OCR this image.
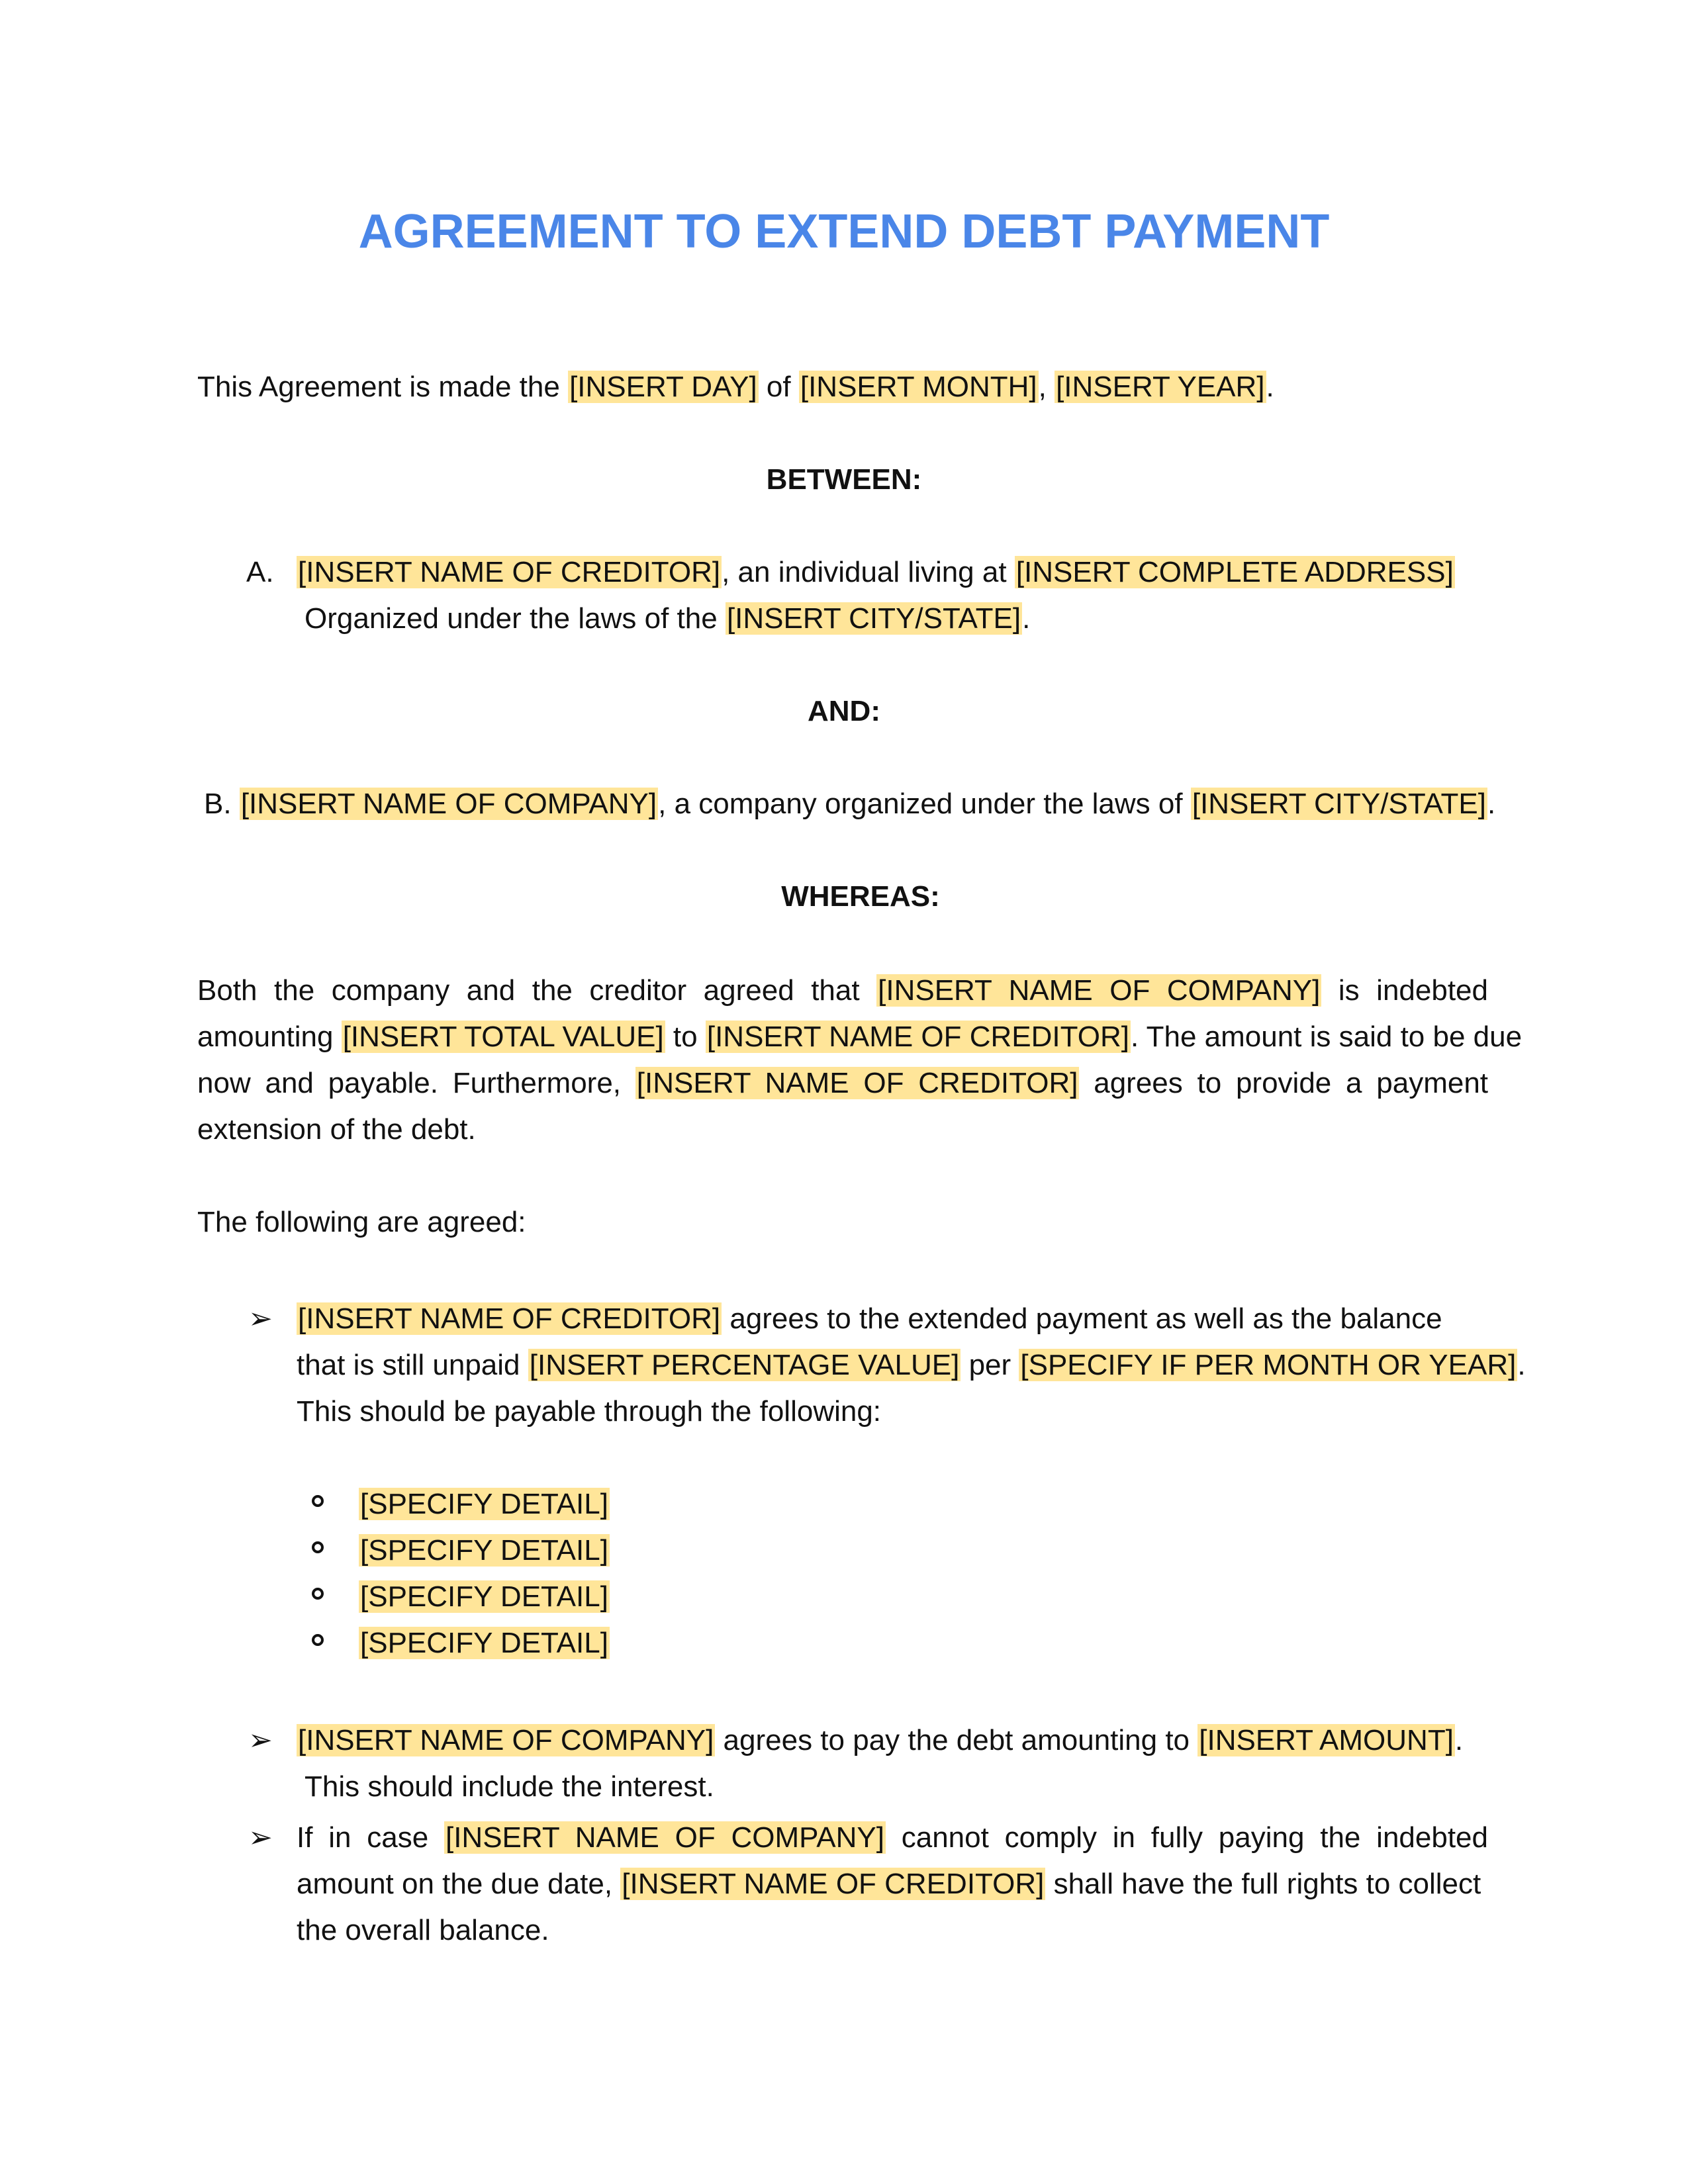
AGREEMENT TO EXTEND DEBT PAYMENT
This Agreement is made the [INSERT DAY] of [INSERT MONTH], [INSERT YEAR].
BETWEEN:
A. [INSERT NAME OF CREDITOR], an individual living at [INSERT COMPLETE ADDRESS]
Organized under the laws of the [INSERT CITY/STATE].
AND:
B. [INSERT NAME OF COMPANY], a company organized under the laws of [INSERT CITY/STATE].
WHEREAS:
Both the company and the creditor agreed that [INSERT NAME OF COMPANY] is indebted
amounting [INSERT TOTAL VALUE] to [INSERT NAME OF CREDITOR]. The amount is said to be due
now and payable. Furthermore, [INSERT NAME OF CREDITOR] agrees to provide a payment
extension of the debt.
The following are agreed:
➢ [INSERT NAME OF CREDITOR] agrees to the extended payment as well as the balance
that is still unpaid [INSERT PERCENTAGE VALUE] per [SPECIFY IF PER MONTH OR YEAR].
This should be payable through the following:
[SPECIFY DETAIL]
[SPECIFY DETAIL]
[SPECIFY DETAIL]
[SPECIFY DETAIL]
➢ [INSERT NAME OF COMPANY] agrees to pay the debt amounting to [INSERT AMOUNT].
This should include the interest.
➢ If in case [INSERT NAME OF COMPANY] cannot comply in fully paying the indebted
amount on the due date, [INSERT NAME OF CREDITOR] shall have the full rights to collect
the overall balance.
